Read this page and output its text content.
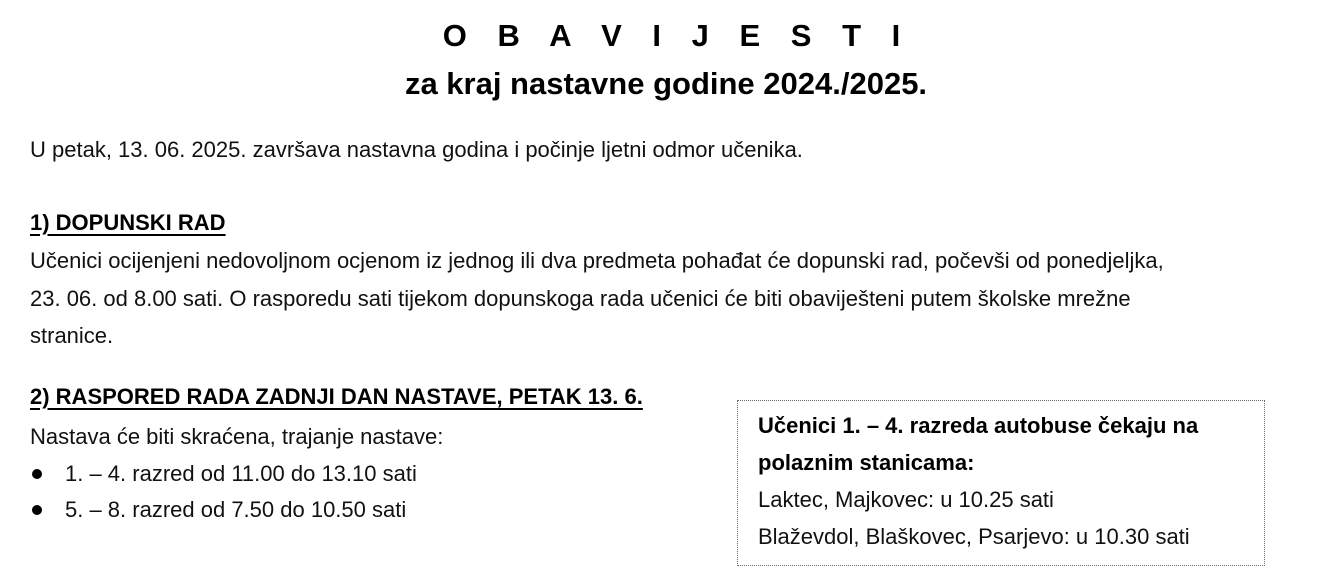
O B A V I J E S T I
za kraj nastavne godine 2024./2025.

U petak, 13. 06. 2025. završava nastavna godina i počinje ljetni odmor učenika.

1) DOPUNSKI RAD

Učenici ocijenjeni nedovoljnom ocjenom iz jednog ili dva predmeta pohađat će dopunski rad, počevši od ponedjeljka,

23. 06. od 8.00 sati. O rasporedu sati tijekom dopunskoga rada učenici će biti obaviješteni putem školske mrežne

stranice.

2) RASPORED RADA ZADNJI DAN NASTAVE, PETAK 13. 6.

Nastava će biti skraćena, trajanje nastave:

1. – 4. razred od 11.00 do 13.10 sati
5. – 8. razred od 7.50 do 10.50 sati

Učenici 1. – 4. razreda autobuse čekaju na

polaznim stanicama:

Laktec, Majkovec: u 10.25 sati

Blaževdol, Blaškovec, Psarjevo: u 10.30 sati
